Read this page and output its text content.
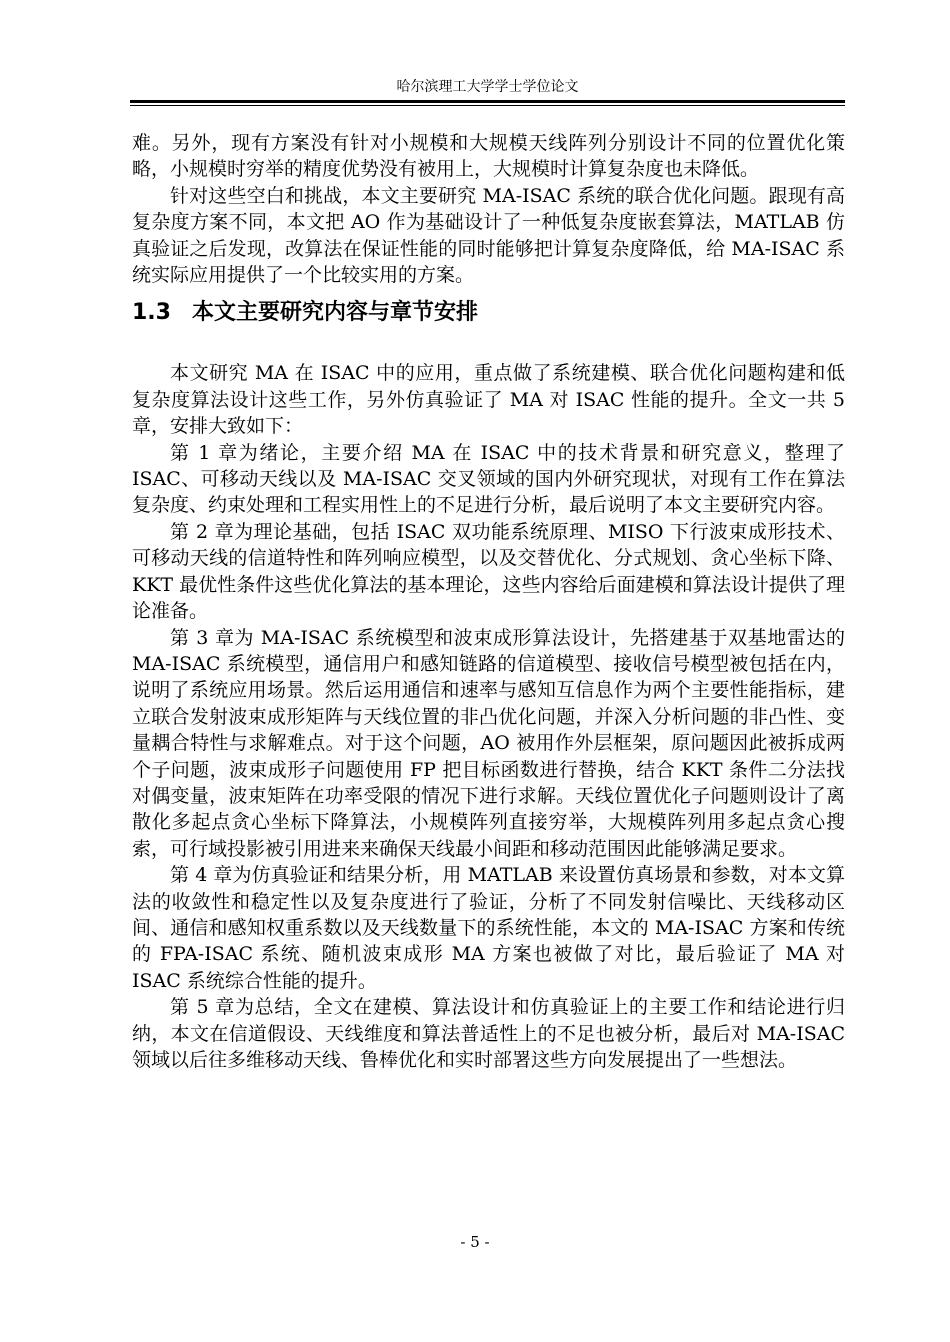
哈尔滨理工大学学士学位论文

难。另外，现有方案没有针对小规模和大规模天线阵列分别设计不同的位置优化策略，小规模时穷举的精度优势没有被用上，大规模时计算复杂度也未降低。

针对这些空白和挑战，本文主要研究 MA-ISAC 系统的联合优化问题。跟现有高复杂度方案不同，本文把 AO 作为基础设计了一种低复杂度嵌套算法，MATLAB 仿真验证之后发现，改算法在保证性能的同时能够把计算复杂度降低，给 MA-ISAC 系统实际应用提供了一个比较实用的方案。

1.3 本文主要研究内容与章节安排

本文研究 MA 在 ISAC 中的应用，重点做了系统建模、联合优化问题构建和低复杂度算法设计这些工作，另外仿真验证了 MA 对 ISAC 性能的提升。全文一共 5 章，安排大致如下：

第 1 章为绪论，主要介绍 MA 在 ISAC 中的技术背景和研究意义，整理了 ISAC、可移动天线以及 MA-ISAC 交叉领域的国内外研究现状，对现有工作在算法复杂度、约束处理和工程实用性上的不足进行分析，最后说明了本文主要研究内容。

第 2 章为理论基础，包括 ISAC 双功能系统原理、MISO 下行波束成形技术、可移动天线的信道特性和阵列响应模型，以及交替优化、分式规划、贪心坐标下降、KKT 最优性条件这些优化算法的基本理论，这些内容给后面建模和算法设计提供了理论准备。

第 3 章为 MA-ISAC 系统模型和波束成形算法设计，先搭建基于双基地雷达的 MA-ISAC 系统模型，通信用户和感知链路的信道模型、接收信号模型被包括在内，说明了系统应用场景。然后运用通信和速率与感知互信息作为两个主要性能指标，建立联合发射波束成形矩阵与天线位置的非凸优化问题，并深入分析问题的非凸性、变量耦合特性与求解难点。对于这个问题，AO 被用作外层框架，原问题因此被拆成两个子问题，波束成形子问题使用 FP 把目标函数进行替换，结合 KKT 条件二分法找对偶变量，波束矩阵在功率受限的情况下进行求解。天线位置优化子问题则设计了离散化多起点贪心坐标下降算法，小规模阵列直接穷举，大规模阵列用多起点贪心搜索，可行域投影被引用进来来确保天线最小间距和移动范围因此能够满足要求。

第 4 章为仿真验证和结果分析，用 MATLAB 来设置仿真场景和参数，对本文算法的收敛性和稳定性以及复杂度进行了验证，分析了不同发射信噪比、天线移动区间、通信和感知权重系数以及天线数量下的系统性能，本文的 MA-ISAC 方案和传统的 FPA-ISAC 系统、随机波束成形 MA 方案也被做了对比，最后验证了 MA 对 ISAC 系统综合性能的提升。

第 5 章为总结，全文在建模、算法设计和仿真验证上的主要工作和结论进行归纳，本文在信道假设、天线维度和算法普适性上的不足也被分析，最后对 MA-ISAC 领域以后往多维移动天线、鲁棒优化和实时部署这些方向发展提出了一些想法。

- 5 -
